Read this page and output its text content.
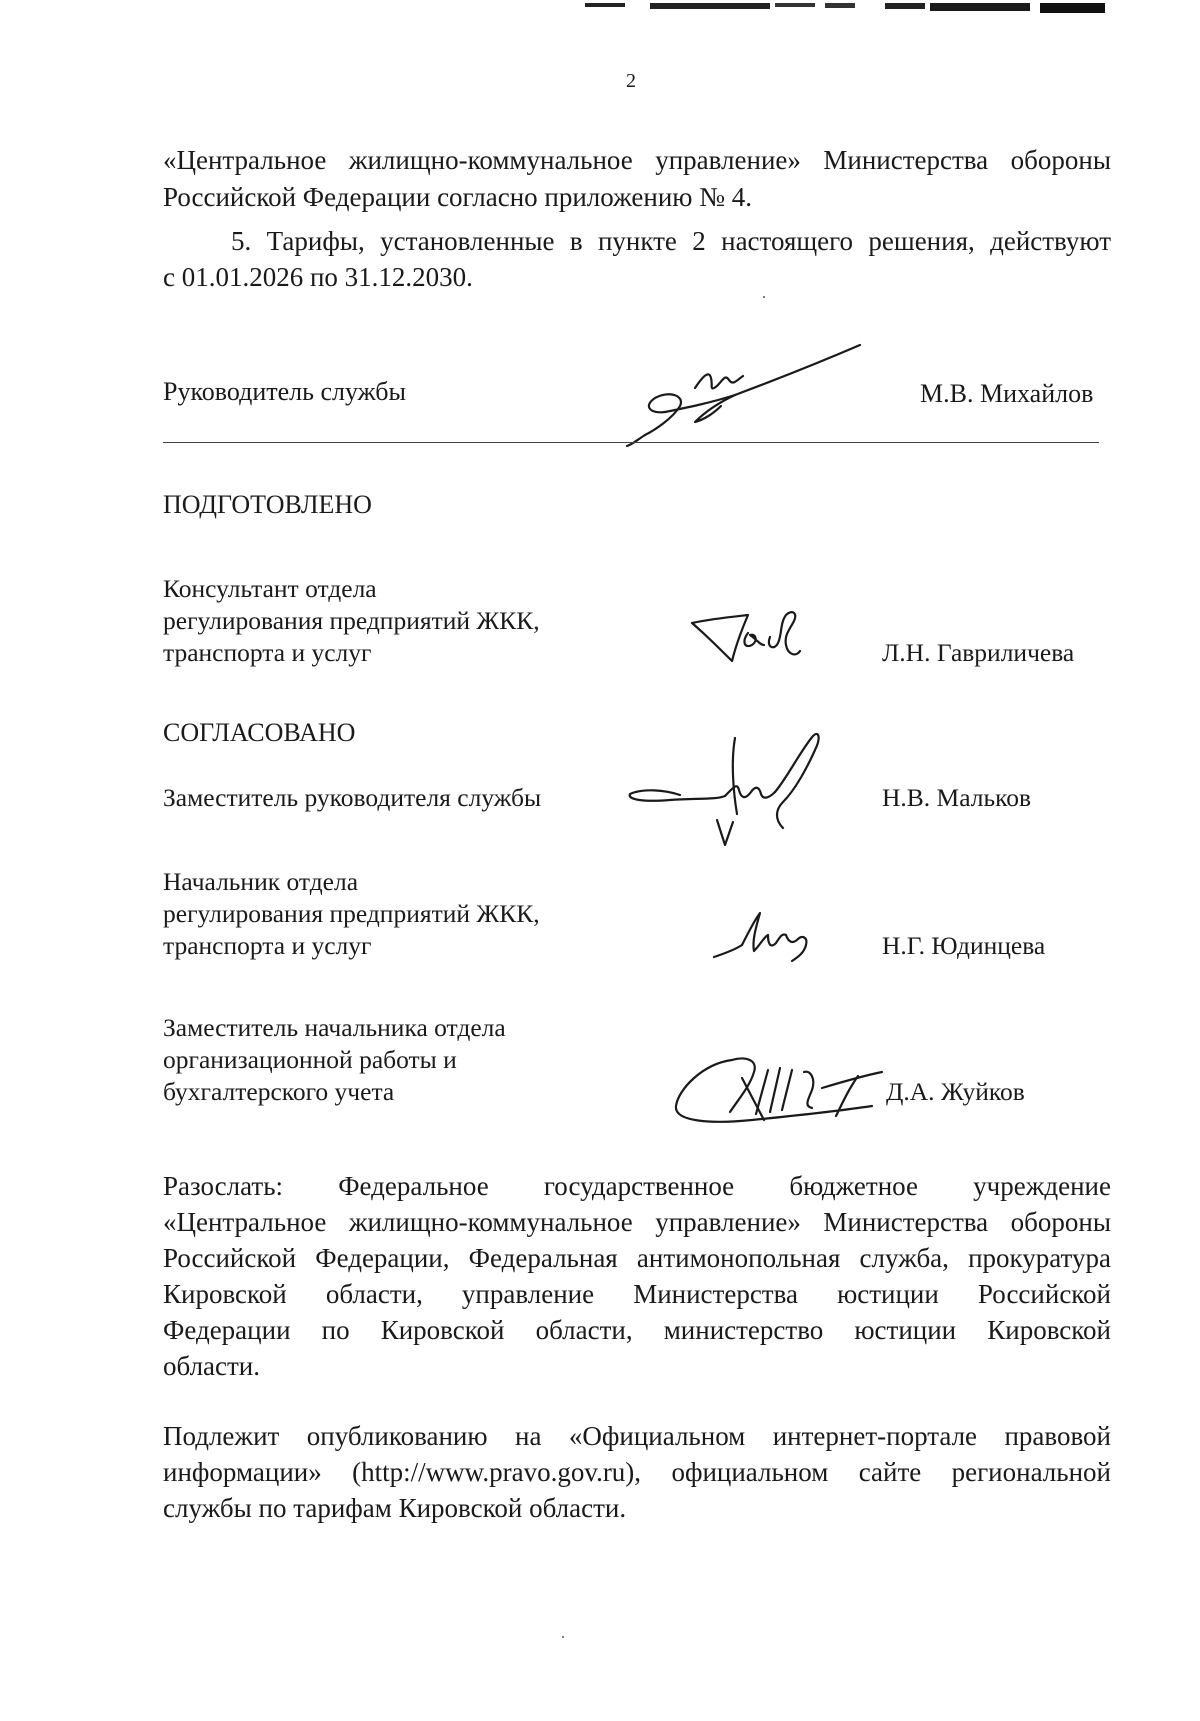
2
«Центральное жилищно-коммунальное управление» Министерства обороны
Российской Федерации согласно приложению № 4.
5. Тарифы, установленные в пункте 2 настоящего решения, действуют
с 01.01.2026 по 31.12.2030.
Руководитель службы	М.В. Михайлов
ПОДГОТОВЛЕНО
Консультант отдела
регулирования предприятий ЖКК,
транспорта и услуг	Л.Н. Гавриличева
СОГЛАСОВАНО
Заместитель руководителя службы	Н.В. Мальков
Начальник отдела
регулирования предприятий ЖКК,
транспорта и услуг	Н.Г. Юдинцева
Заместитель начальника отдела
организационной работы и
бухгалтерского учета	Д.А. Жуйков
Разослать: Федеральное государственное бюджетное учреждение
«Центральное жилищно-коммунальное управление» Министерства обороны
Российской Федерации, Федеральная антимонопольная служба, прокуратура
Кировской области, управление Министерства юстиции Российской
Федерации по Кировской области, министерство юстиции Кировской
области.
Подлежит опубликованию на «Официальном интернет-портале правовой
информации» (http://www.pravo.gov.ru), официальном сайте региональной
службы по тарифам Кировской области.
